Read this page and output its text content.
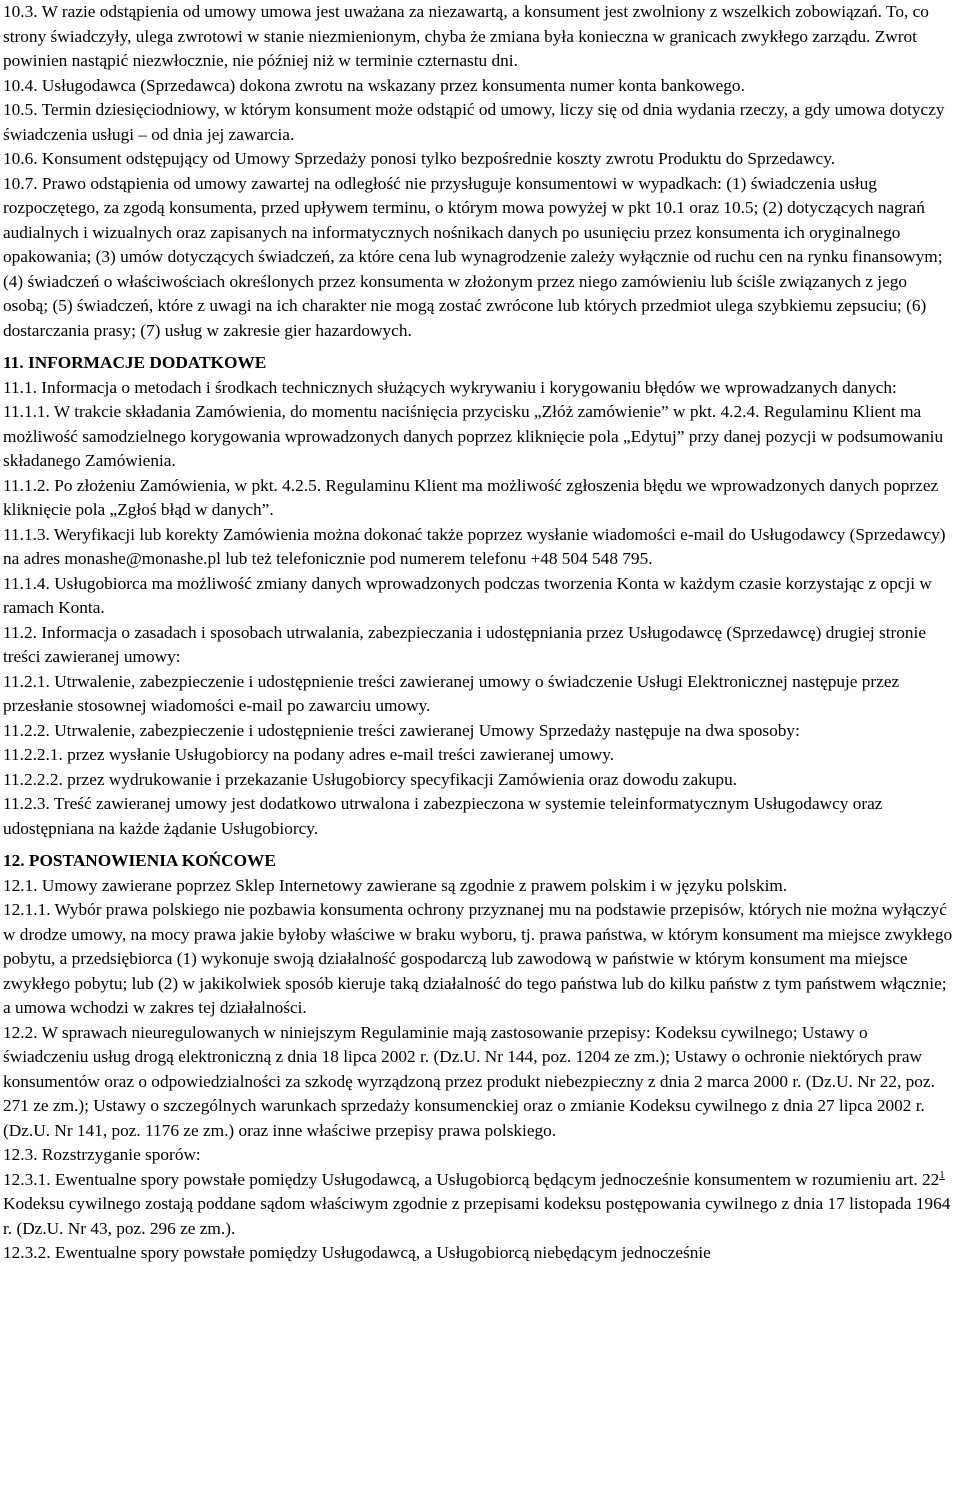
10.3. W razie odstąpienia od umowy umowa jest uważana za niezawartą, a konsument jest zwolniony z wszelkich zobowiązań. To, co strony świadczyły, ulega zwrotowi w stanie niezmienionym, chyba że zmiana była konieczna w granicach zwykłego zarządu. Zwrot powinien nastąpić niezwłocznie, nie później niż w terminie czternastu dni.

10.4. Usługodawca (Sprzedawca) dokona zwrotu na wskazany przez konsumenta numer konta bankowego.

10.5. Termin dziesięciodniowy, w którym konsument może odstąpić od umowy, liczy się od dnia wydania rzeczy, a gdy umowa dotyczy świadczenia usługi – od dnia jej zawarcia.

10.6. Konsument odstępujący od Umowy Sprzedaży ponosi tylko bezpośrednie koszty zwrotu Produktu do Sprzedawcy.

10.7. Prawo odstąpienia od umowy zawartej na odległość nie przysługuje konsumentowi w wypadkach: (1) świadczenia usług rozpoczętego, za zgodą konsumenta, przed upływem terminu, o którym mowa powyżej w pkt 10.1 oraz 10.5; (2) dotyczących nagrań audialnych i wizualnych oraz zapisanych na informatycznych nośnikach danych po usunięciu przez konsumenta ich oryginalnego opakowania; (3) umów dotyczących świadczeń, za które cena lub wynagrodzenie zależy wyłącznie od ruchu cen na rynku finansowym; (4) świadczeń o właściwościach określonych przez konsumenta w złożonym przez niego zamówieniu lub ściśle związanych z jego osobą; (5) świadczeń, które z uwagi na ich charakter nie mogą zostać zwrócone lub których przedmiot ulega szybkiemu zepsuciu; (6) dostarczania prasy; (7) usług w zakresie gier hazardowych.

11. INFORMACJE DODATKOWE

11.1. Informacja o metodach i środkach technicznych służących wykrywaniu i korygowaniu błędów we wprowadzanych danych:

11.1.1. W trakcie składania Zamówienia, do momentu naciśnięcia przycisku „Złóż zamówienie” w pkt. 4.2.4. Regulaminu Klient ma możliwość samodzielnego korygowania wprowadzonych danych poprzez kliknięcie pola „Edytuj” przy danej pozycji w podsumowaniu składanego Zamówienia.

11.1.2. Po złożeniu Zamówienia, w pkt. 4.2.5. Regulaminu Klient ma możliwość zgłoszenia błędu we wprowadzonych danych poprzez kliknięcie pola „Zgłoś błąd w danych”.

11.1.3. Weryfikacji lub korekty Zamówienia można dokonać także poprzez wysłanie wiadomości e-mail do Usługodawcy (Sprzedawcy) na adres monashe@monashe.pl lub też telefonicznie pod numerem telefonu +48 504 548 795.

11.1.4. Usługobiorca ma możliwość zmiany danych wprowadzonych podczas tworzenia Konta w każdym czasie korzystając z opcji w ramach Konta.

11.2. Informacja o zasadach i sposobach utrwalania, zabezpieczania i udostępniania przez Usługodawcę (Sprzedawcę) drugiej stronie treści zawieranej umowy:

11.2.1. Utrwalenie, zabezpieczenie i udostępnienie treści zawieranej umowy o świadczenie Usługi Elektronicznej następuje przez przesłanie stosownej wiadomości e-mail po zawarciu umowy.

11.2.2. Utrwalenie, zabezpieczenie i udostępnienie treści zawieranej Umowy Sprzedaży następuje na dwa sposoby:

11.2.2.1. przez wysłanie Usługobiorcy na podany adres e-mail treści zawieranej umowy.

11.2.2.2. przez wydrukowanie i przekazanie Usługobiorcy specyfikacji Zamówienia oraz dowodu zakupu.

11.2.3. Treść zawieranej umowy jest dodatkowo utrwalona i zabezpieczona w systemie teleinformatycznym Usługodawcy oraz udostępniana na każde żądanie Usługobiorcy.

12. POSTANOWIENIA KOŃCOWE

12.1. Umowy zawierane poprzez Sklep Internetowy zawierane są zgodnie z prawem polskim i w języku polskim.

12.1.1. Wybór prawa polskiego nie pozbawia konsumenta ochrony przyznanej mu na podstawie przepisów, których nie można wyłączyć w drodze umowy, na mocy prawa jakie byłoby właściwe w braku wyboru, tj. prawa państwa, w którym konsument ma miejsce zwykłego pobytu, a przedsiębiorca (1) wykonuje swoją działalność gospodarczą lub zawodową w państwie w którym konsument ma miejsce zwykłego pobytu; lub (2) w jakikolwiek sposób kieruje taką działalność do tego państwa lub do kilku państw z tym państwem włącznie; a umowa wchodzi w zakres tej działalności.

12.2. W sprawach nieuregulowanych w niniejszym Regulaminie mają zastosowanie przepisy: Kodeksu cywilnego; Ustawy o świadczeniu usług drogą elektroniczną z dnia 18 lipca 2002 r. (Dz.U. Nr 144, poz. 1204 ze zm.); Ustawy o ochronie niektórych praw konsumentów oraz o odpowiedzialności za szkodę wyrządzoną przez produkt niebezpieczny z dnia 2 marca 2000 r. (Dz.U. Nr 22, poz. 271 ze zm.); Ustawy o szczególnych warunkach sprzedaży konsumenckiej oraz o zmianie Kodeksu cywilnego z dnia 27 lipca 2002 r. (Dz.U. Nr 141, poz. 1176 ze zm.) oraz inne właściwe przepisy prawa polskiego.

12.3. Rozstrzyganie sporów:

12.3.1. Ewentualne spory powstałe pomiędzy Usługodawcą, a Usługobiorcą będącym jednocześnie konsumentem w rozumieniu art. $22^1$ Kodeksu cywilnego zostają poddane sądom właściwym zgodnie z przepisami kodeksu postępowania cywilnego z dnia 17 listopada 1964 r. (Dz.U. Nr 43, poz. 296 ze zm.).

12.3.2. Ewentualne spory powstałe pomiędzy Usługodawcą, a Usługobiorcą niebędącym jednocześnie
